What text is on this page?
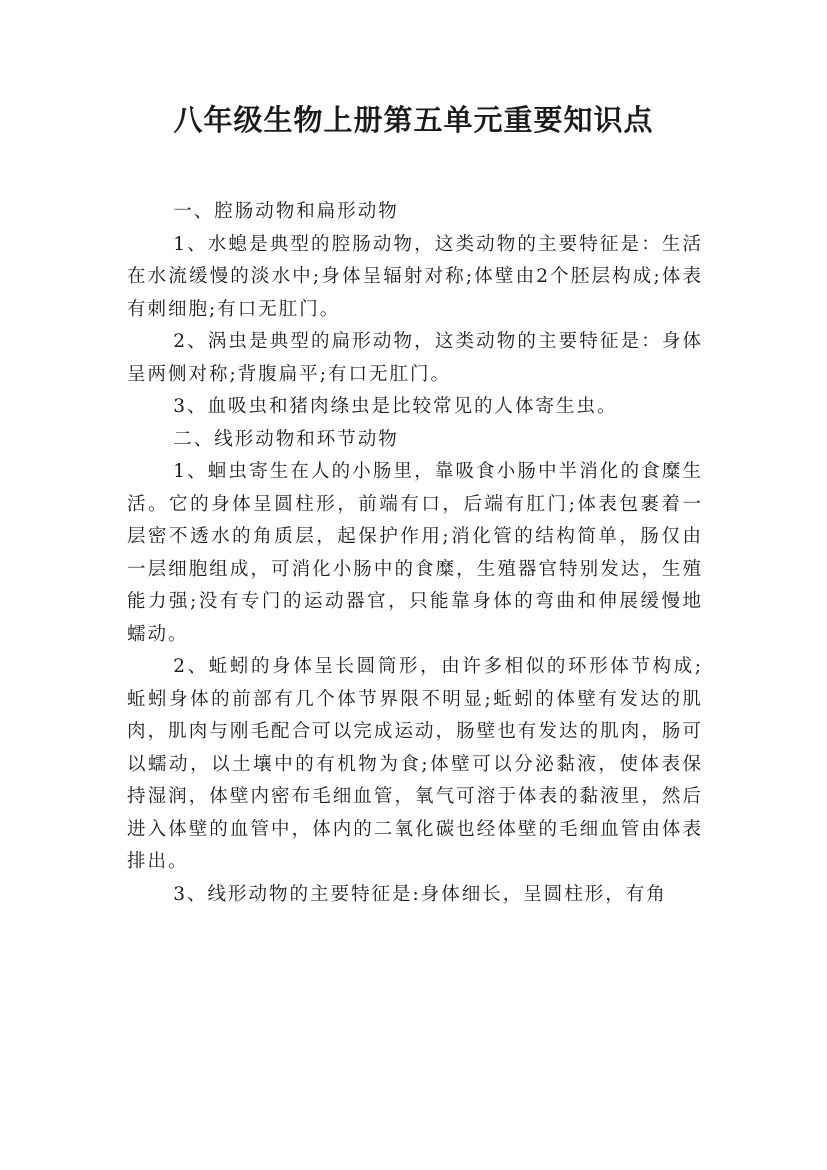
八年级生物上册第五单元重要知识点

一、腔肠动物和扁形动物

1、水螅是典型的腔肠动物，这类动物的主要特征是：生活在水流缓慢的淡水中;身体呈辐射对称;体壁由2个胚层构成;体表有刺细胞;有口无肛门。

2、涡虫是典型的扁形动物，这类动物的主要特征是：身体呈两侧对称;背腹扁平;有口无肛门。

3、血吸虫和猪肉绦虫是比较常见的人体寄生虫。

二、线形动物和环节动物

1、蛔虫寄生在人的小肠里，靠吸食小肠中半消化的食糜生活。它的身体呈圆柱形，前端有口，后端有肛门;体表包裹着一层密不透水的角质层，起保护作用;消化管的结构简单，肠仅由一层细胞组成，可消化小肠中的食糜，生殖器官特别发达，生殖能力强;没有专门的运动器官，只能靠身体的弯曲和伸展缓慢地蠕动。

2、蚯蚓的身体呈长圆筒形，由许多相似的环形体节构成;蚯蚓身体的前部有几个体节界限不明显;蚯蚓的体壁有发达的肌肉，肌肉与刚毛配合可以完成运动，肠壁也有发达的肌肉，肠可以蠕动，以土壤中的有机物为食;体壁可以分泌黏液，使体表保持湿润，体壁内密布毛细血管，氧气可溶于体表的黏液里，然后进入体壁的血管中，体内的二氧化碳也经体壁的毛细血管由体表排出。

3、线形动物的主要特征是:身体细长，呈圆柱形，有角
